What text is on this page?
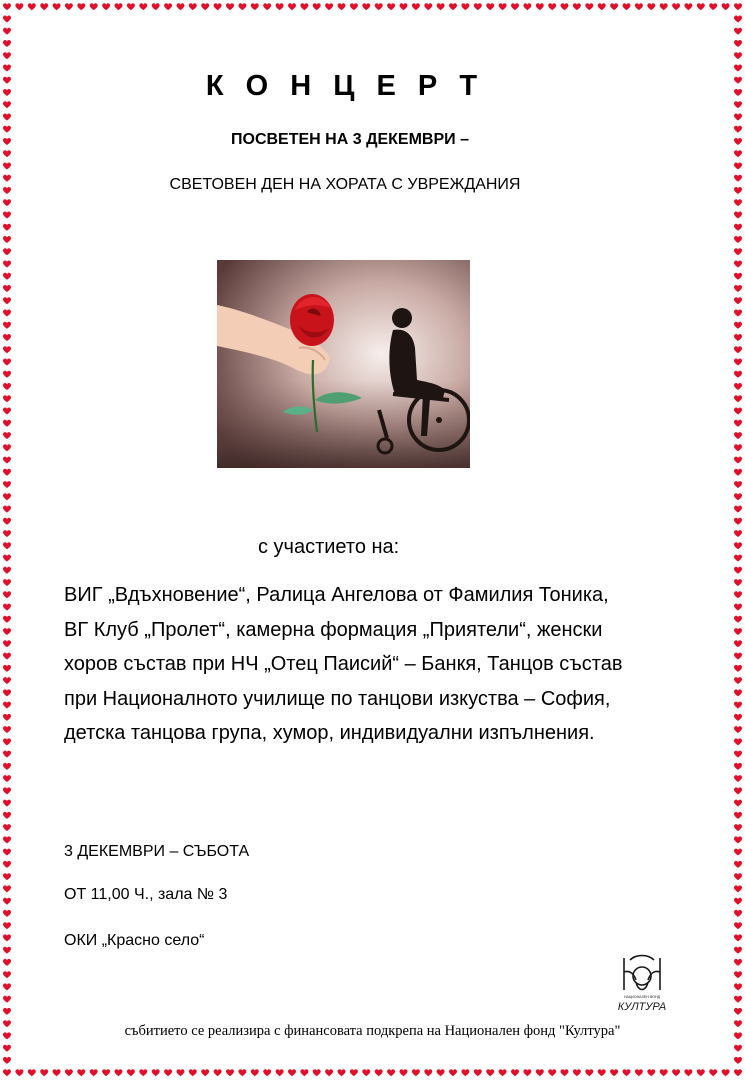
К О Н Ц Е Р Т
ПОСВЕТЕН НА 3 ДЕКЕМВРИ –
СВЕТОВЕН ДЕН НА ХОРАТА С УВРЕЖДАНИЯ
с участието на:
ВИГ „Вдъхновение“, Ралица Ангелова от Фамилия Тоника,
ВГ Клуб „Пролет“, камерна формация „Приятели“, женски
хоров състав при НЧ „Отец Паисий“ – Банкя, Танцов състав
при Националното училище по танцови изкуства – София,
детска танцова група, хумор, индивидуални изпълнения.
3 ДЕКЕМВРИ – СЪБОТА
ОТ 11,00 Ч., зала № 3
ОКИ „Красно село“
НАЦИОНАЛЕН ФОНД
КУЛТУРА
събитието се реализира с финансовата подкрепа на Национален фонд "Култура"
